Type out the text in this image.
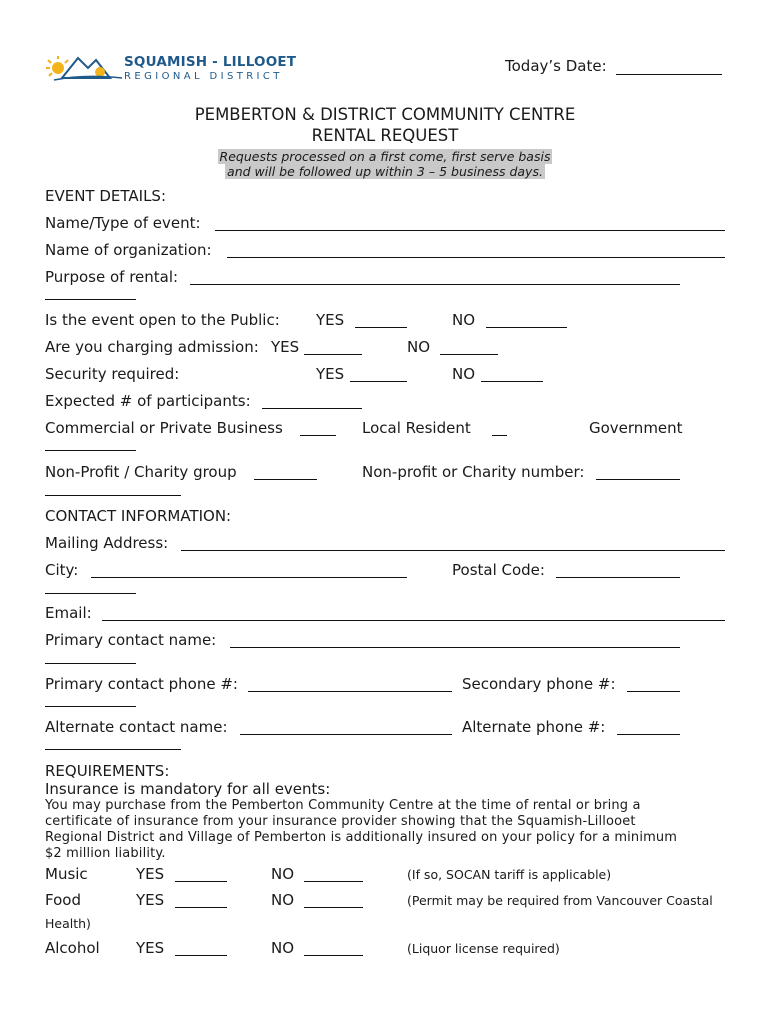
SQUAMISH - LILLOOET
REGIONAL DISTRICT
Today’s Date:
PEMBERTON & DISTRICT COMMUNITY CENTRE
RENTAL REQUEST
Requests processed on a first come, first serve basis
and will be followed up within 3 – 5 business days.
EVENT DETAILS:
Name/Type of event:
Name of organization:
Purpose of rental:
Is the event open to the Public: YES	NO
Are you charging admission: YES	NO
Security required:	YES	NO
Expected # of participants:
Commercial or Private Business	Local Resident	Government
Non-Profit / Charity group	Non-profit or Charity number:
CONTACT INFORMATION:
Mailing Address:
City:	Postal Code:
Email:
Primary contact name:
Primary contact phone #:	Secondary phone #:
Alternate contact name:	Alternate phone #:
REQUIREMENTS:
Insurance is mandatory for all events:
You may purchase from the Pemberton Community Centre at the time of rental or bring a
certificate of insurance from your insurance provider showing that the Squamish-Lillooet
Regional District and Village of Pemberton is additionally insured on your policy for a minimum
$2 million liability.
Music	YES	NO	(If so, SOCAN tariff is applicable)
Food	YES	NO	(Permit may be required from Vancouver Coastal
Health)
Alcohol YES	NO	(Liquor license required)
